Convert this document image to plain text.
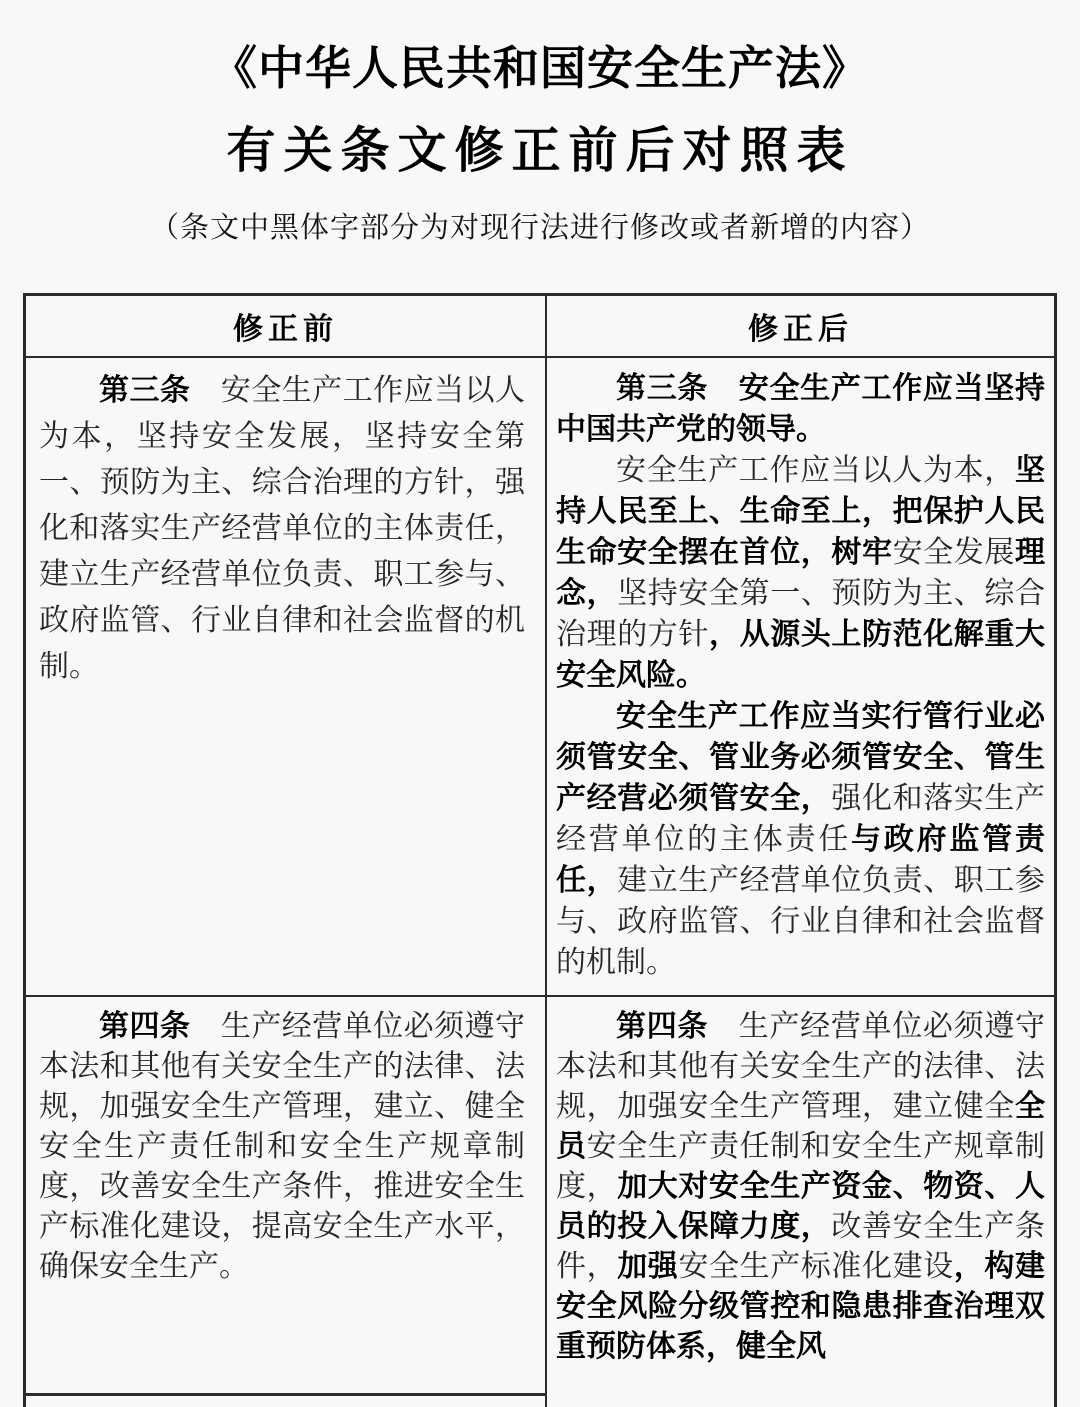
《中华人民共和国安全生产法》
有关条文修正前后对照表

（条文中黑体字部分为对现行法进行修改或者新增的内容）

修正前	修正后

第三条　安全生产工作应当以人为本，坚持安全发展，坚持安全第一、预防为主、综合治理的方针，强化和落实生产经营单位的主体责任，建立生产经营单位负责、职工参与、政府监管、行业自律和社会监督的机制。

第三条　安全生产工作应当坚持中国共产党的领导。

安全生产工作应当以人为本，坚持人民至上、生命至上，把保护人民生命安全摆在首位，树牢安全发展理念，坚持安全第一、预防为主、综合治理的方针，从源头上防范化解重大安全风险。

安全生产工作应当实行管行业必须管安全、管业务必须管安全、管生产经营必须管安全，强化和落实生产经营单位的主体责任与政府监管责任，建立生产经营单位负责、职工参与、政府监管、行业自律和社会监督的机制。

第四条　生产经营单位必须遵守本法和其他有关安全生产的法律、法规，加强安全生产管理，建立、健全安全生产责任制和安全生产规章制度，改善安全生产条件，推进安全生产标准化建设，提高安全生产水平，确保安全生产。

第四条　生产经营单位必须遵守本法和其他有关安全生产的法律、法规，加强安全生产管理，建立健全全员安全生产责任制和安全生产规章制度，加大对安全生产资金、物资、人员的投入保障力度，改善安全生产条件，加强安全生产标准化建设，构建安全风险分级管控和隐患排查治理双重预防体系，健全风
